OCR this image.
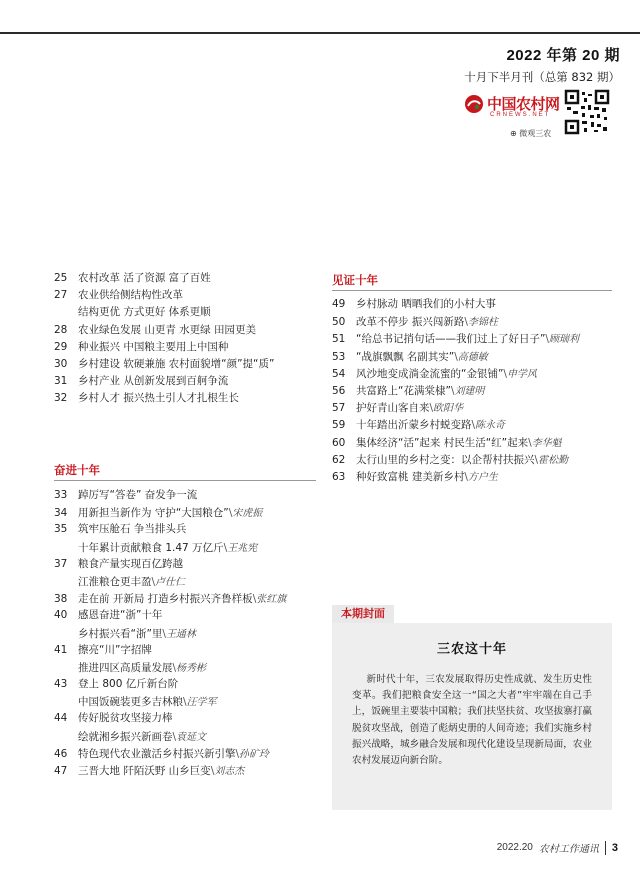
2022 年第 20 期
十月下半月刊（总第 832 期）
中国农村网
CRNEWS.NET
⊕ 微观三农
25	农村改革 活了资源 富了百姓
27	农业供给侧结构性改革
结构更优 方式更好 体系更顺
28	农业绿色发展 山更青 水更绿 田园更美
29	种业振兴 中国粮主要用上中国种
30	乡村建设 软硬兼施 农村面貌增“颜”提“质”
31	乡村产业 从创新发展到百舸争流
32	乡村人才 振兴热土引人才扎根生长
奋进十年
33	踔厉写“答卷” 奋发争一流
34	用新担当新作为 守护“大国粮仓” \ 宋虎振
35	筑牢压舱石 争当排头兵
十年累计贡献粮食 1.47 万亿斤 \ 王兆宪
37	粮食产量实现百亿跨越
江淮粮仓更丰盈 \ 卢仕仁
38	走在前 开新局 打造乡村振兴齐鲁样板 \ 张红旗
40	感恩奋进“浙”十年
乡村振兴看“浙”里 \ 王通林
41	擦亮“川”字招牌
推进四区高质量发展 \ 杨秀彬
43	登上 800 亿斤新台阶
中国饭碗装更多吉林粮 \ 汪学军
44	传好脱贫攻坚接力棒
绘就湘乡振兴新画卷 \ 袁延文
46	特色现代农业激活乡村振兴新引擎 \ 孙矿玲
47	三晋大地 阡陌沃野 山乡巨变 \ 刘志杰
见证十年
49	乡村脉动 晒晒我们的小村大事
50	改革不停步 振兴闯新路 \ 李锦柱
51	“给总书记捎句话——我们过上了好日子” \ 顾瑞利
53	“战旗飘飘 名副其实” \ 高德敏
54	风沙地变成淌金流蜜的“金银铺” \ 申学风
56	共富路上“花满棠棣” \ 刘建明
57	护好青山客自来 \ 欧阳华
59	十年踏出沂蒙乡村蜕变路 \ 陈永奇
60	集体经济“活”起来 村民生活“红”起来 \ 李华魁
62	太行山里的乡村之变：以企帮村扶振兴 \ 霍松勤
63	种好致富桃 建美新乡村 \ 方户生
本期封面
三农这十年
新时代十年，三农发展取得历史性成就、发生历史性变革。我们把粮食安全这一“国之大者”牢牢端在自己手上，饭碗里主要装中国粮；我们扶坚扶贫、攻坚拔寨打赢脱贫攻坚战，创造了彪炳史册的人间奇迹；我们实施乡村振兴战略，城乡融合发展和现代化建设呈现新局面，农业农村发展迈向新台阶。
2022.20 农村工作通讯 3
